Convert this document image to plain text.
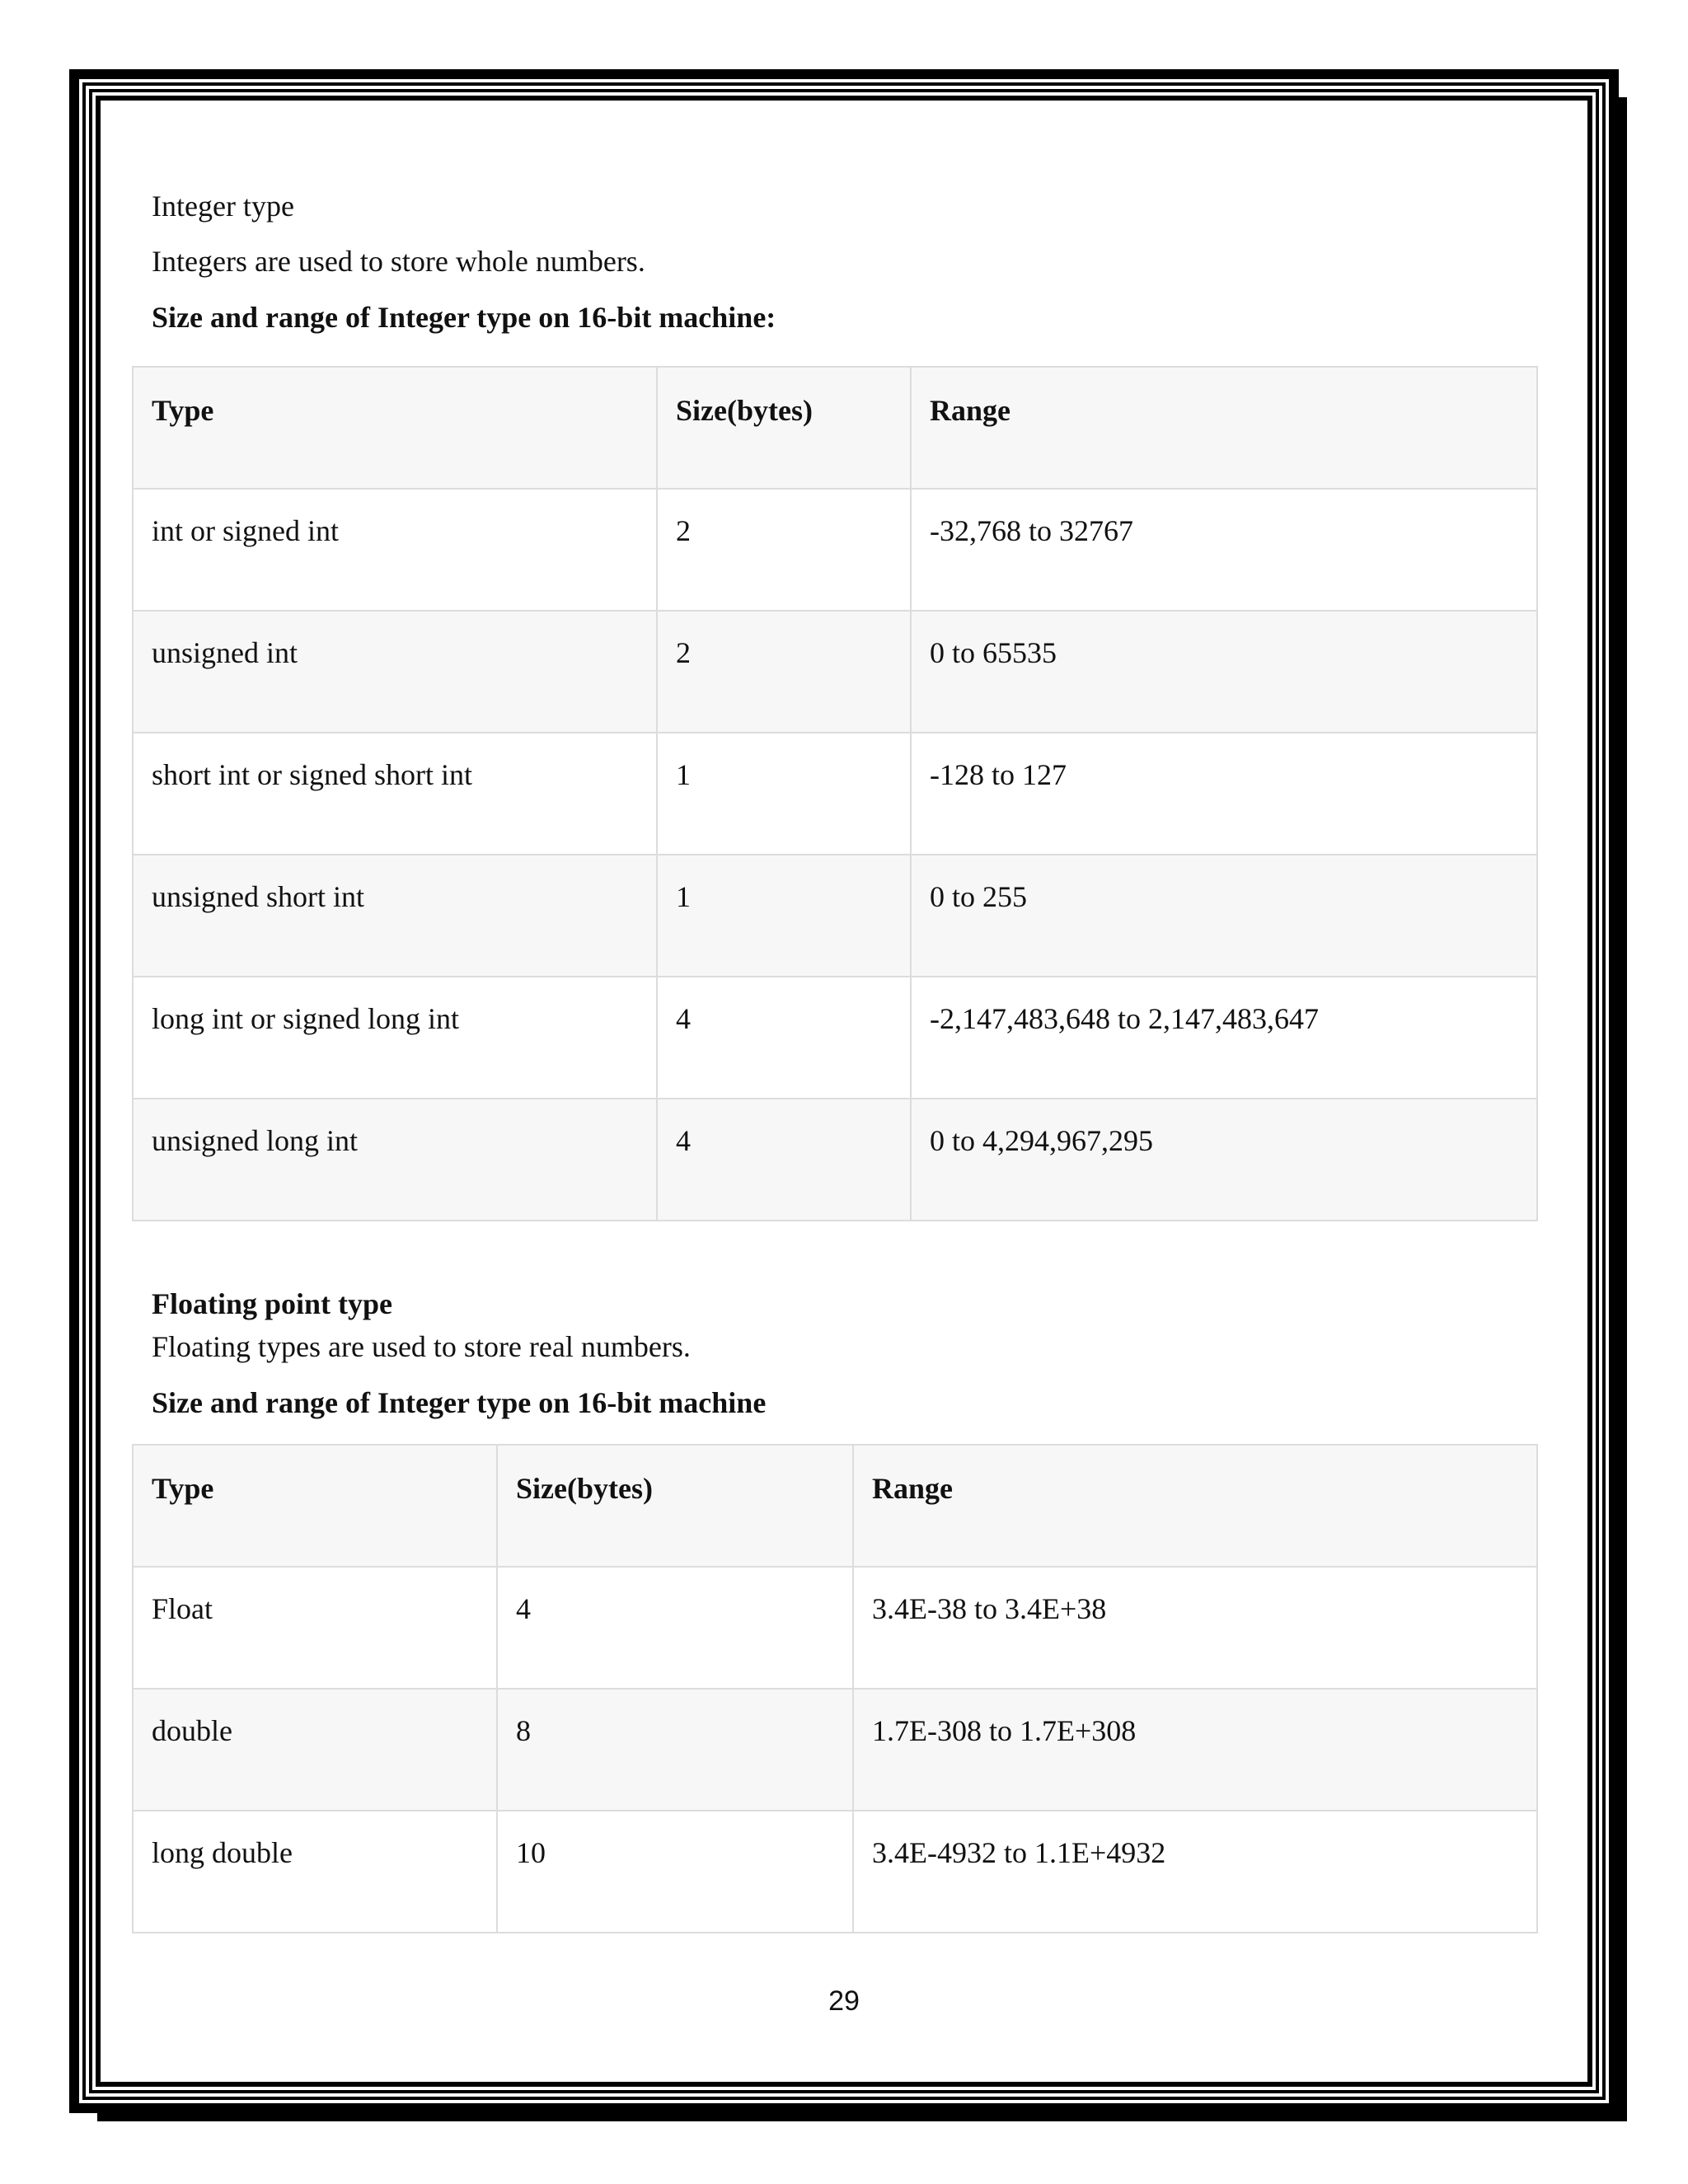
Integer type

Integers are used to store whole numbers.

Size and range of Integer type on 16-bit machine:

Type	Size(bytes)	Range
int or signed int	2	-32,768 to 32767
unsigned int	2	0 to 65535
short int or signed short int	1	-128 to 127
unsigned short int	1	0 to 255
long int or signed long int	4	-2,147,483,648 to 2,147,483,647
unsigned long int	4	0 to 4,294,967,295

Floating point type

Floating types are used to store real numbers.

Size and range of Integer type on 16-bit machine

Type	Size(bytes)	Range
Float	4	3.4E-38 to 3.4E+38
double	8	1.7E-308 to 1.7E+308
long double	10	3.4E-4932 to 1.1E+4932
29
